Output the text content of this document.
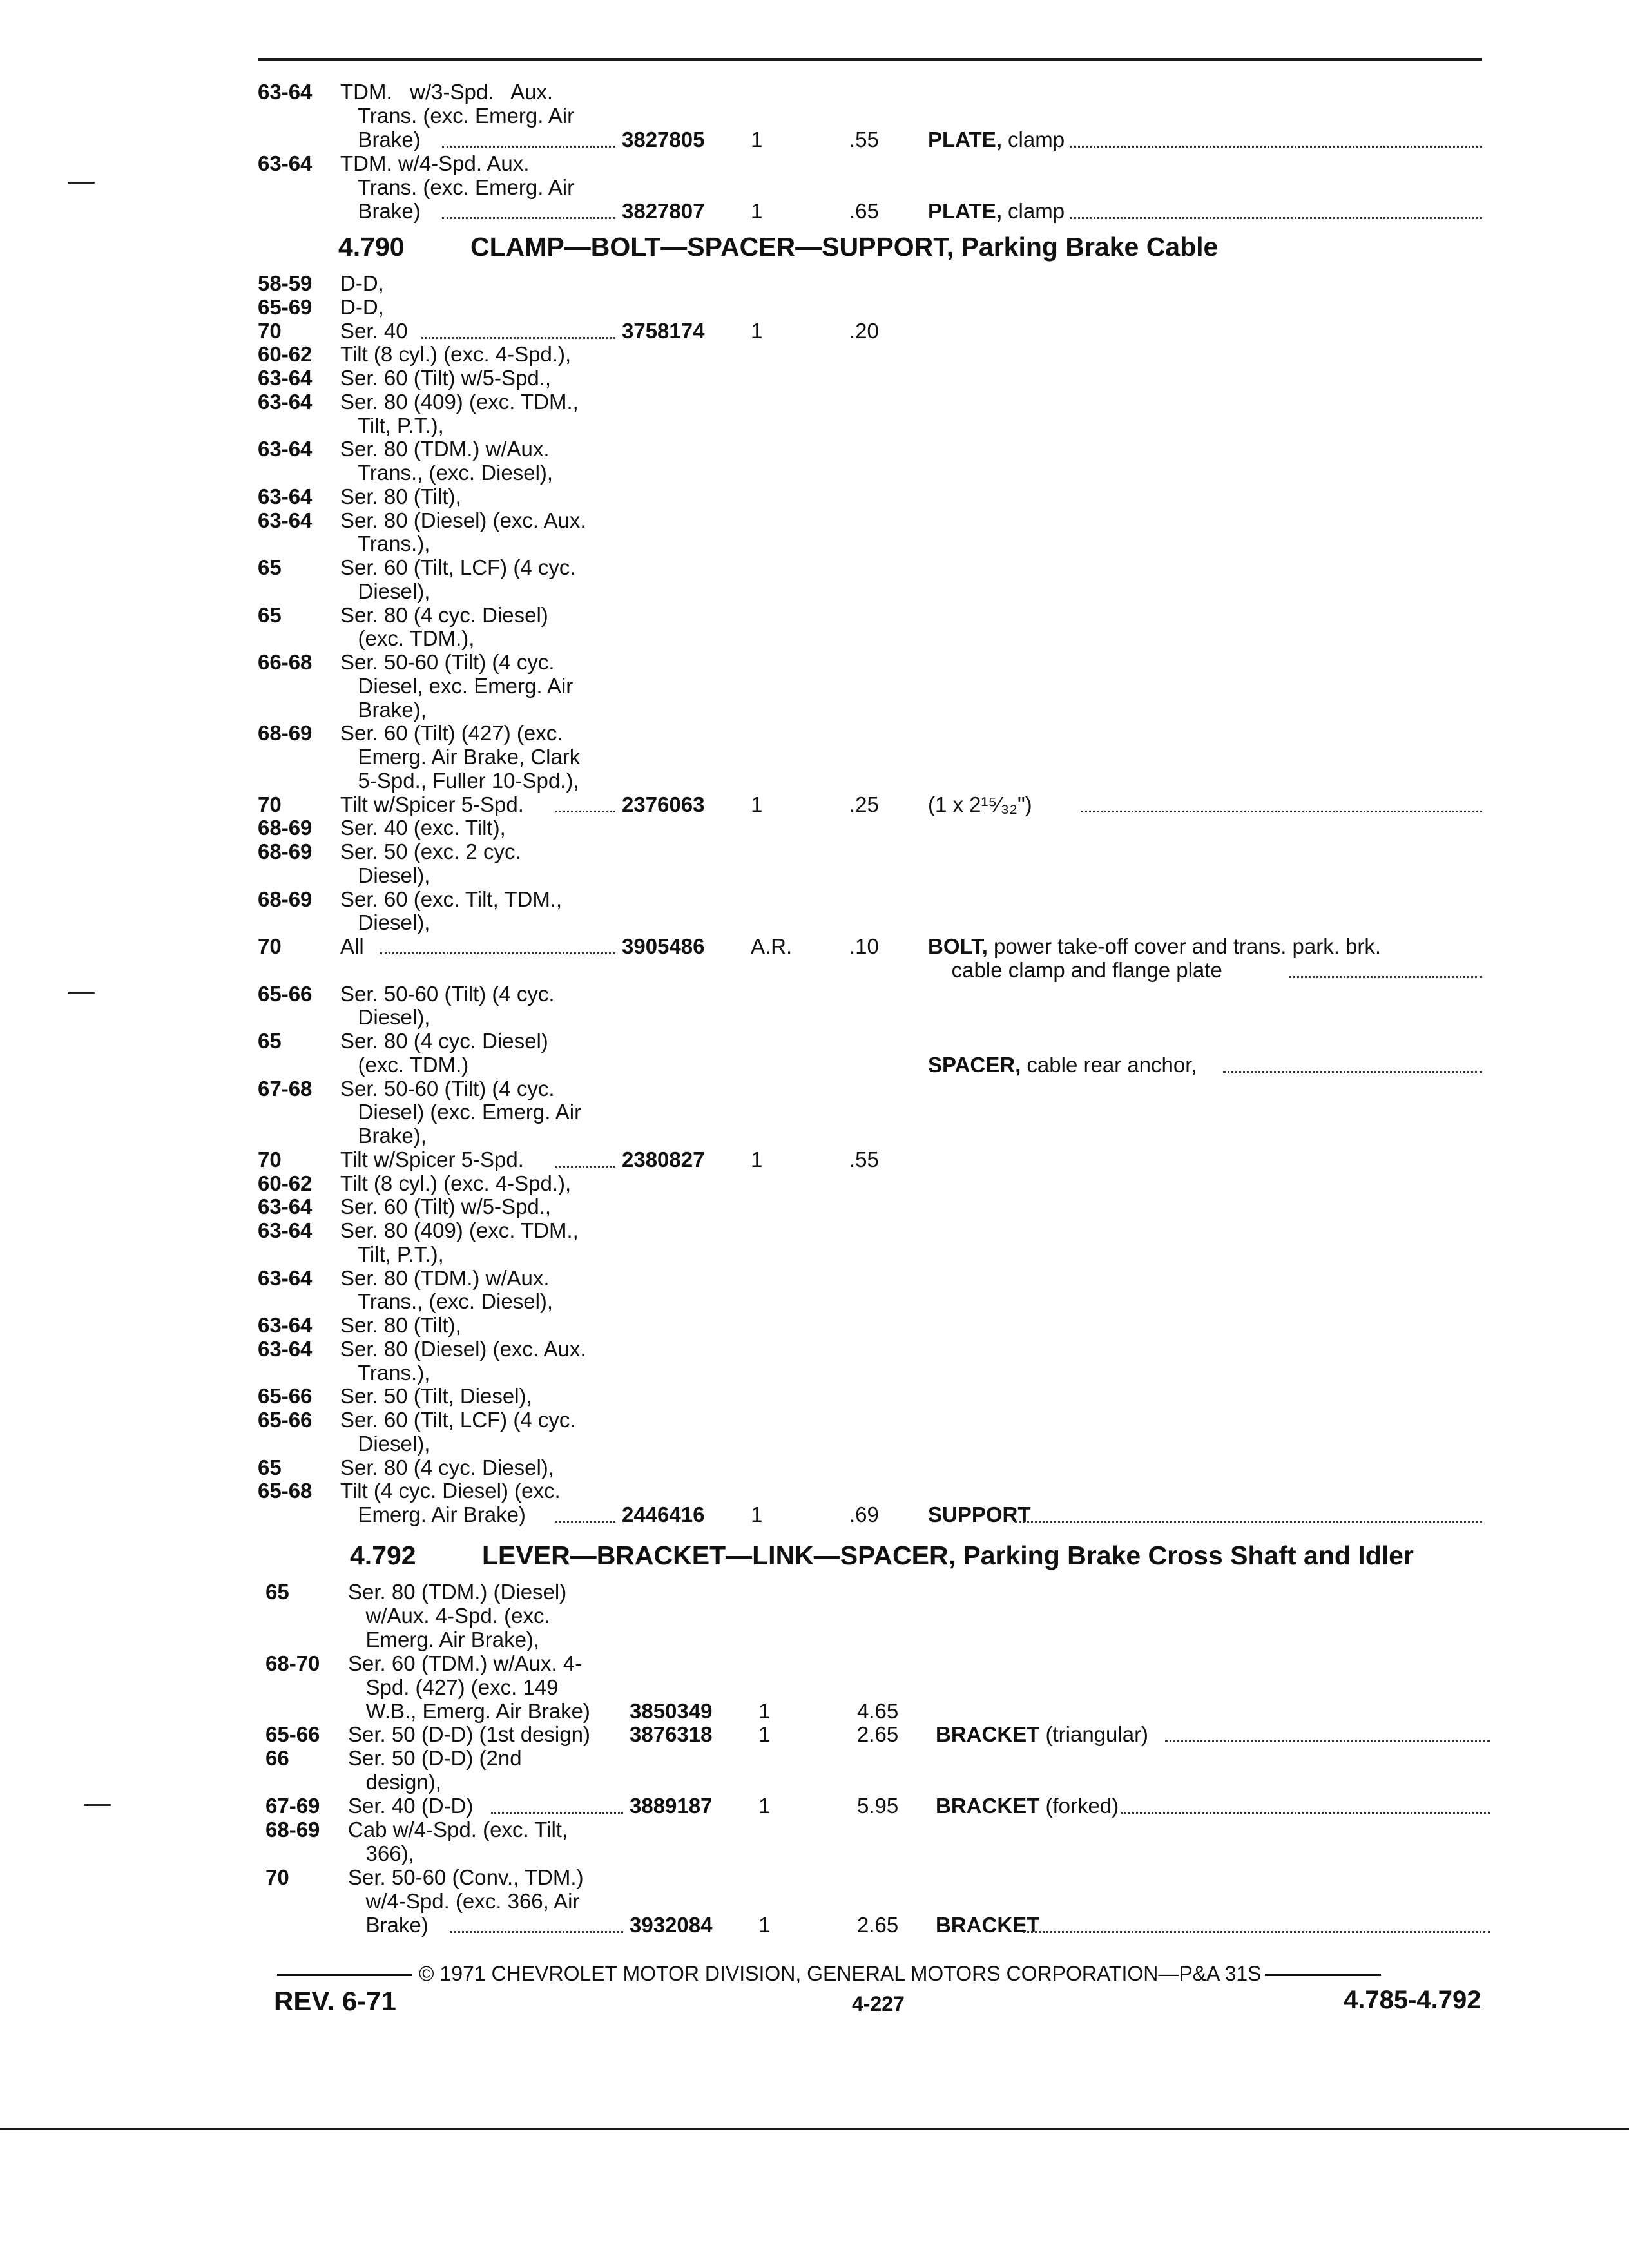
63-64	TDM.   w/3-Spd.   Aux.
Trans. (exc. Emerg. Air
Brake)	3827805	1	.55	PLATE, clamp
63-64	TDM. w/4-Spd. Aux.
Trans. (exc. Emerg. Air
Brake)	3827807	1	.65	PLATE, clamp
4.790 CLAMP—BOLT—SPACER—SUPPORT, Parking Brake Cable
58-59	D-D,
65-69	D-D,
70	Ser. 40	3758174	1	.20
60-62	Tilt (8 cyl.) (exc. 4-Spd.),
63-64	Ser. 60 (Tilt) w/5-Spd.,
63-64	Ser. 80 (409) (exc. TDM.,
Tilt, P.T.),
63-64	Ser. 80 (TDM.) w/Aux.
Trans., (exc. Diesel),
63-64	Ser. 80 (Tilt),
63-64	Ser. 80 (Diesel) (exc. Aux.
Trans.),
65	Ser. 60 (Tilt, LCF) (4 cyc.
Diesel),
65	Ser. 80 (4 cyc. Diesel)
(exc. TDM.),
66-68	Ser. 50-60 (Tilt) (4 cyc.
Diesel, exc. Emerg. Air
Brake),
68-69	Ser. 60 (Tilt) (427) (exc.
Emerg. Air Brake, Clark
5-Spd., Fuller 10-Spd.),
70	Tilt w/Spicer 5-Spd.	2376063	1	.25	(1 x 2¹⁵⁄₃₂")
68-69	Ser. 40 (exc. Tilt),
68-69	Ser. 50 (exc. 2 cyc.
Diesel),
68-69	Ser. 60 (exc. Tilt, TDM.,
Diesel),
70	All	3905486	A.R.	.10	BOLT, power take-off cover and trans. park. brk.
cable clamp and flange plate
65-66	Ser. 50-60 (Tilt) (4 cyc.
Diesel),
65	Ser. 80 (4 cyc. Diesel)
(exc. TDM.)	SPACER, cable rear anchor,
67-68	Ser. 50-60 (Tilt) (4 cyc.
Diesel) (exc. Emerg. Air
Brake),
70	Tilt w/Spicer 5-Spd.	2380827	1	.55
60-62	Tilt (8 cyl.) (exc. 4-Spd.),
63-64	Ser. 60 (Tilt) w/5-Spd.,
63-64	Ser. 80 (409) (exc. TDM.,
Tilt, P.T.),
63-64	Ser. 80 (TDM.) w/Aux.
Trans., (exc. Diesel),
63-64	Ser. 80 (Tilt),
63-64	Ser. 80 (Diesel) (exc. Aux.
Trans.),
65-66	Ser. 50 (Tilt, Diesel),
65-66	Ser. 60 (Tilt, LCF) (4 cyc.
Diesel),
65	Ser. 80 (4 cyc. Diesel),
65-68	Tilt (4 cyc. Diesel) (exc.
Emerg. Air Brake)	2446416	1	.69	SUPPORT
4.792 LEVER—BRACKET—LINK—SPACER, Parking Brake Cross Shaft and Idler
65	Ser. 80 (TDM.) (Diesel)
w/Aux. 4-Spd. (exc.
Emerg. Air Brake),
68-70	Ser. 60 (TDM.) w/Aux. 4-
Spd. (427) (exc. 149
W.B., Emerg. Air Brake)	3850349	1	4.65
65-66	Ser. 50 (D-D) (1st design)	3876318	1	2.65	BRACKET (triangular)
66	Ser. 50 (D-D) (2nd
design),
67-69	Ser. 40 (D-D)	3889187	1	5.95	BRACKET (forked)
68-69	Cab w/4-Spd. (exc. Tilt,
366),
70	Ser. 50-60 (Conv., TDM.)
w/4-Spd. (exc. 366, Air
Brake)	3932084	1	2.65	BRACKET
© 1971 CHEVROLET MOTOR DIVISION, GENERAL MOTORS CORPORATION—P&A 31S
REV. 6-71	4-227	4.785-4.792
